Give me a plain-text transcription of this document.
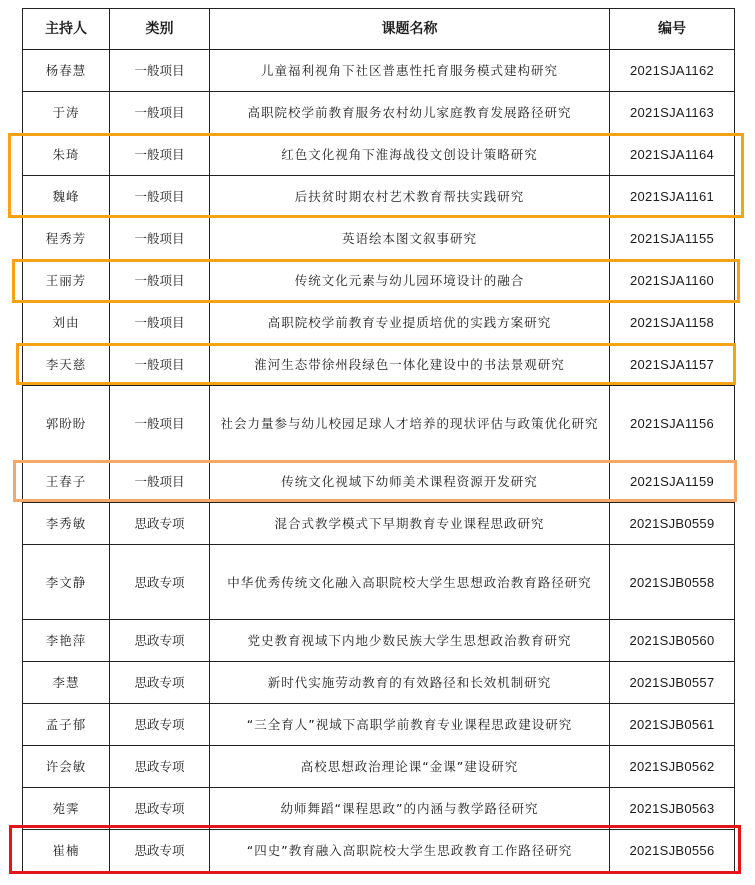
主持人	类别	课题名称	编号
杨春慧	一般项目	儿童福利视角下社区普惠性托育服务模式建构研究	2021SJA1162
于涛	一般项目	高职院校学前教育服务农村幼儿家庭教育发展路径研究	2021SJA1163
朱琦	一般项目	红色文化视角下淮海战役文创设计策略研究	2021SJA1164
魏峰	一般项目	后扶贫时期农村艺术教育帮扶实践研究	2021SJA1161
程秀芳	一般项目	英语绘本图文叙事研究	2021SJA1155
王丽芳	一般项目	传统文化元素与幼儿园环境设计的融合	2021SJA1160
刘由	一般项目	高职院校学前教育专业提质培优的实践方案研究	2021SJA1158
李天慈	一般项目	淮河生态带徐州段绿色一体化建设中的书法景观研究	2021SJA1157
郭盼盼	一般项目	社会力量参与幼儿校园足球人才培养的现状评估与政策优化研究	2021SJA1156
王春子	一般项目	传统文化视域下幼师美术课程资源开发研究	2021SJA1159
李秀敏	思政专项	混合式教学模式下早期教育专业课程思政研究	2021SJB0559
李文静	思政专项	中华优秀传统文化融入高职院校大学生思想政治教育路径研究	2021SJB0558
李艳萍	思政专项	党史教育视域下内地少数民族大学生思想政治教育研究	2021SJB0560
李慧	思政专项	新时代实施劳动教育的有效路径和长效机制研究	2021SJB0557
孟子郁	思政专项	“三全育人”视域下高职学前教育专业课程思政建设研究	2021SJB0561
许会敏	思政专项	高校思想政治理论课“金课”建设研究	2021SJB0562
苑霁	思政专项	幼师舞蹈“课程思政”的内涵与教学路径研究	2021SJB0563
崔楠	思政专项	“四史”教育融入高职院校大学生思政教育工作路径研究	2021SJB0556
